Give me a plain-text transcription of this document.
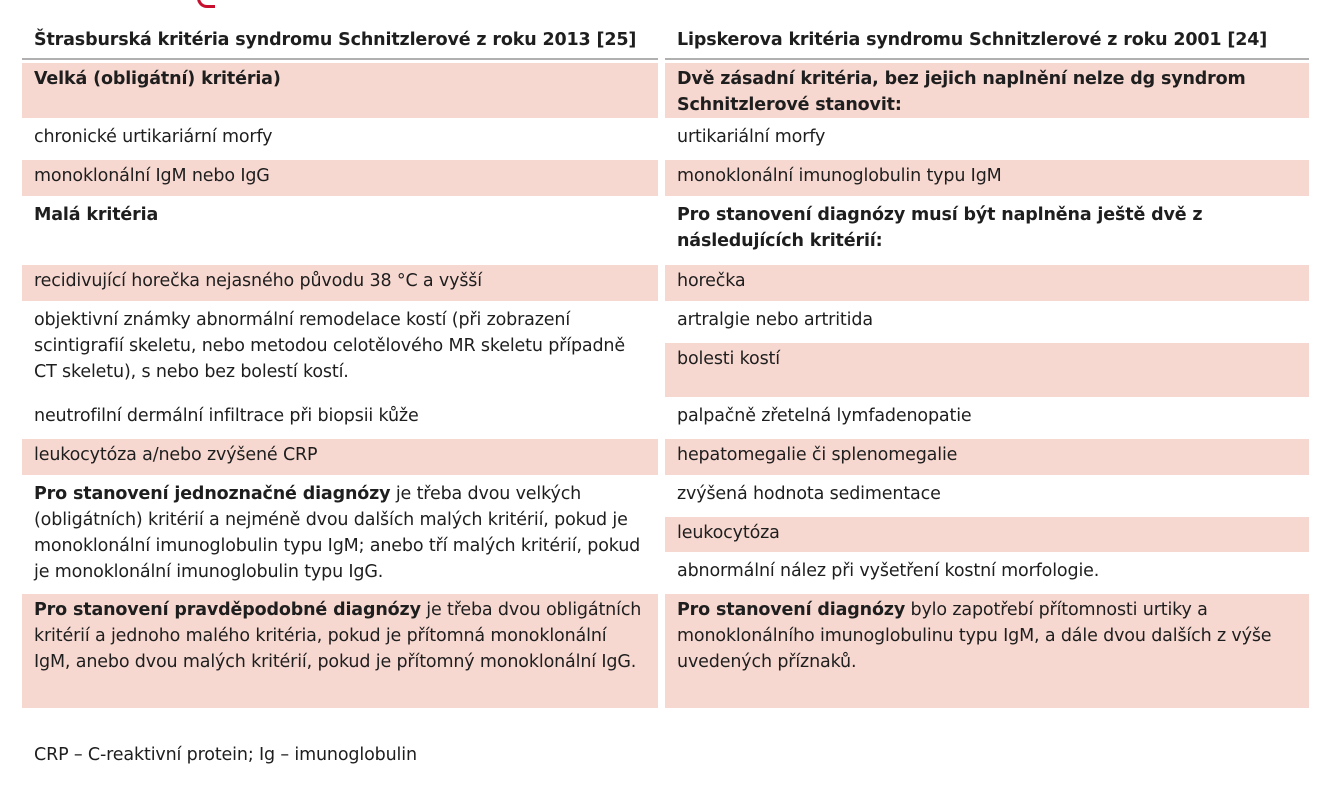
Štrasburská kritéria syndromu Schnitzlerové z roku 2013 [25]
Velká (obligátní) kritéria)
chronické urtikariární morfy
monoklonální IgM nebo IgG
Malá kritéria
recidivující horečka nejasného původu 38 °C a vyšší
objektivní známky abnormální remodelace kostí (při zobrazení scintigrafií skeletu, nebo metodou celotělového MR skeletu případně CT skeletu), s nebo bez bolestí kostí.
neutrofilní dermální infiltrace při biopsii kůže
leukocytóza a/nebo zvýšené CRP
Pro stanovení jednoznačné diagnózy je třeba dvou velkých (obligátních) kritérií a nejméně dvou dalších malých kritérií, pokud je monoklonální imunoglobulin typu IgM; anebo tří malých kritérií, pokud je monoklonální imunoglobulin typu IgG.
Pro stanovení pravděpodobné diagnózy je třeba dvou obligátních kritérií a jednoho malého kritéria, pokud je přítomná monoklonální IgM, anebo dvou malých kritérií, pokud je přítomný monoklonální IgG.
Lipskerova kritéria syndromu Schnitzlerové z roku 2001 [24]
Dvě zásadní kritéria, bez jejich naplnění nelze dg syndrom Schnitzlerové stanovit:
urtikariální morfy
monoklonální imunoglobulin typu IgM
Pro stanovení diagnózy musí být naplněna ještě dvě z následujících kritérií:
horečka
artralgie nebo artritida
bolesti kostí
palpačně zřetelná lymfadenopatie
hepatomegalie či splenomegalie
zvýšená hodnota sedimentace
leukocytóza
abnormální nález při vyšetření kostní morfologie.
Pro stanovení diagnózy bylo zapotřebí přítomnosti urtiky a monoklonálního imunoglobulinu typu IgM, a dále dvou dalších z výše uvedených příznaků.
CRP – C-reaktivní protein; Ig – imunoglobulin
